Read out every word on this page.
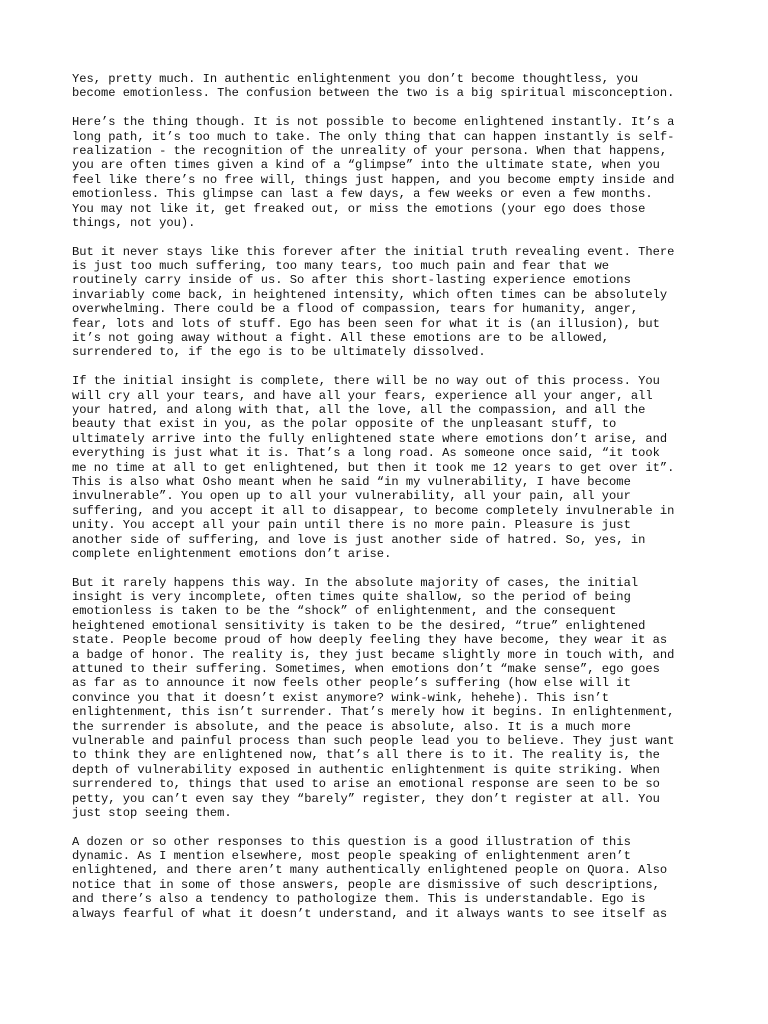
Yes, pretty much. In authentic enlightenment you don’t become thoughtless, you
become emotionless. The confusion between the two is a big spiritual misconception.
Here’s the thing though. It is not possible to become enlightened instantly. It’s a
long path, it’s too much to take. The only thing that can happen instantly is self-
realization - the recognition of the unreality of your persona. When that happens,
you are often times given a kind of a “glimpse” into the ultimate state, when you
feel like there’s no free will, things just happen, and you become empty inside and
emotionless. This glimpse can last a few days, a few weeks or even a few months.
You may not like it, get freaked out, or miss the emotions (your ego does those
things, not you).
But it never stays like this forever after the initial truth revealing event. There
is just too much suffering, too many tears, too much pain and fear that we
routinely carry inside of us. So after this short-lasting experience emotions
invariably come back, in heightened intensity, which often times can be absolutely
overwhelming. There could be a flood of compassion, tears for humanity, anger,
fear, lots and lots of stuff. Ego has been seen for what it is (an illusion), but
it’s not going away without a fight. All these emotions are to be allowed,
surrendered to, if the ego is to be ultimately dissolved.
If the initial insight is complete, there will be no way out of this process. You
will cry all your tears, and have all your fears, experience all your anger, all
your hatred, and along with that, all the love, all the compassion, and all the
beauty that exist in you, as the polar opposite of the unpleasant stuff, to
ultimately arrive into the fully enlightened state where emotions don’t arise, and
everything is just what it is. That’s a long road. As someone once said, “it took
me no time at all to get enlightened, but then it took me 12 years to get over it”.
This is also what Osho meant when he said “in my vulnerability, I have become
invulnerable”. You open up to all your vulnerability, all your pain, all your
suffering, and you accept it all to disappear, to become completely invulnerable in
unity. You accept all your pain until there is no more pain. Pleasure is just
another side of suffering, and love is just another side of hatred. So, yes, in
complete enlightenment emotions don’t arise.
But it rarely happens this way. In the absolute majority of cases, the initial
insight is very incomplete, often times quite shallow, so the period of being
emotionless is taken to be the “shock” of enlightenment, and the consequent
heightened emotional sensitivity is taken to be the desired, “true” enlightened
state. People become proud of how deeply feeling they have become, they wear it as
a badge of honor. The reality is, they just became slightly more in touch with, and
attuned to their suffering. Sometimes, when emotions don’t “make sense”, ego goes
as far as to announce it now feels other people’s suffering (how else will it
convince you that it doesn’t exist anymore? wink-wink, hehehe). This isn’t
enlightenment, this isn’t surrender. That’s merely how it begins. In enlightenment,
the surrender is absolute, and the peace is absolute, also. It is a much more
vulnerable and painful process than such people lead you to believe. They just want
to think they are enlightened now, that’s all there is to it. The reality is, the
depth of vulnerability exposed in authentic enlightenment is quite striking. When
surrendered to, things that used to arise an emotional response are seen to be so
petty, you can’t even say they “barely” register, they don’t register at all. You
just stop seeing them.
A dozen or so other responses to this question is a good illustration of this
dynamic. As I mention elsewhere, most people speaking of enlightenment aren’t
enlightened, and there aren’t many authentically enlightened people on Quora. Also
notice that in some of those answers, people are dismissive of such descriptions,
and there’s also a tendency to pathologize them. This is understandable. Ego is
always fearful of what it doesn’t understand, and it always wants to see itself as
